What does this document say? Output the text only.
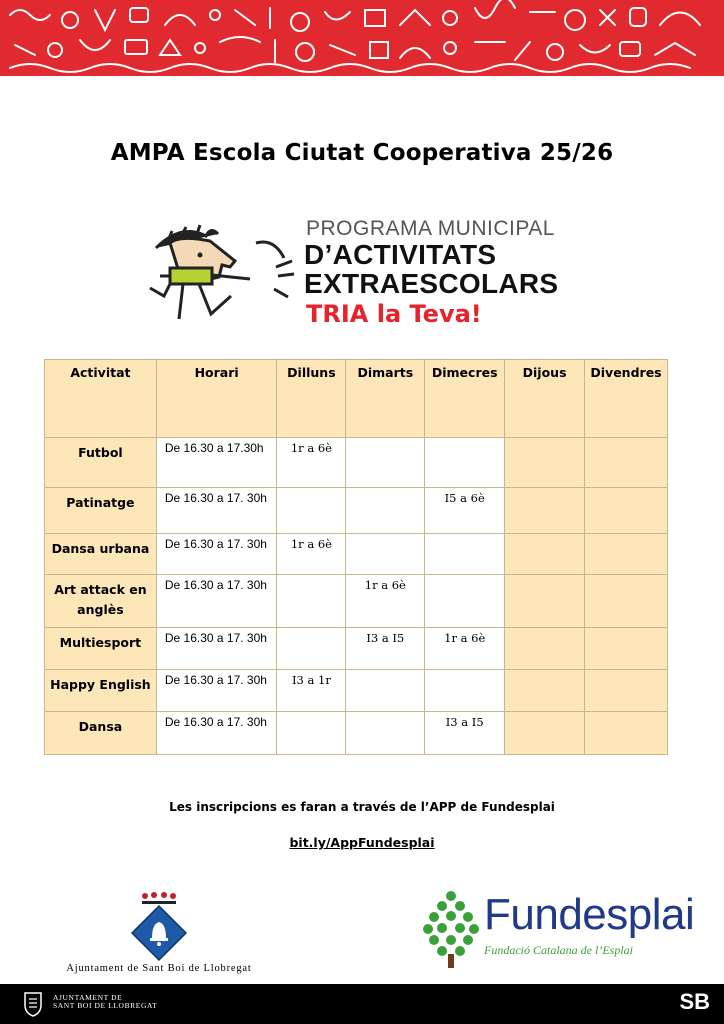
AMPA Escola Ciutat Cooperativa 25/26
PROGRAMA MUNICIPAL
D’ACTIVITATS
EXTRAESCOLARS
TRIA la Teva!
Activitat	Horari	Dilluns	Dimarts	Dimecres	Dijous	Divendres
Futbol	De 16.30 a 17.30h	1r a 6è				
Patinatge	De 16.30 a 17. 30h			I5 a 6è		
Dansa urbana	De 16.30 a 17. 30h	1r a 6è				
Art attack en anglès	De 16.30 a 17. 30h		1r a 6è			
Multiesport	De 16.30 a 17. 30h		I3 a I5	1r a 6è		
Happy English	De 16.30 a 17. 30h	I3 a 1r				
Dansa	De 16.30 a 17. 30h			I3 a I5		
Les inscripcions es faran a través de l’APP de Fundesplai
bit.ly/AppFundesplai
Ajuntament de Sant Boi de Llobregat
Fundesplai
Fundació Catalana de l’Esplai
AJUNTAMENT DE
SANT BOI DE LLOBREGAT	SB
